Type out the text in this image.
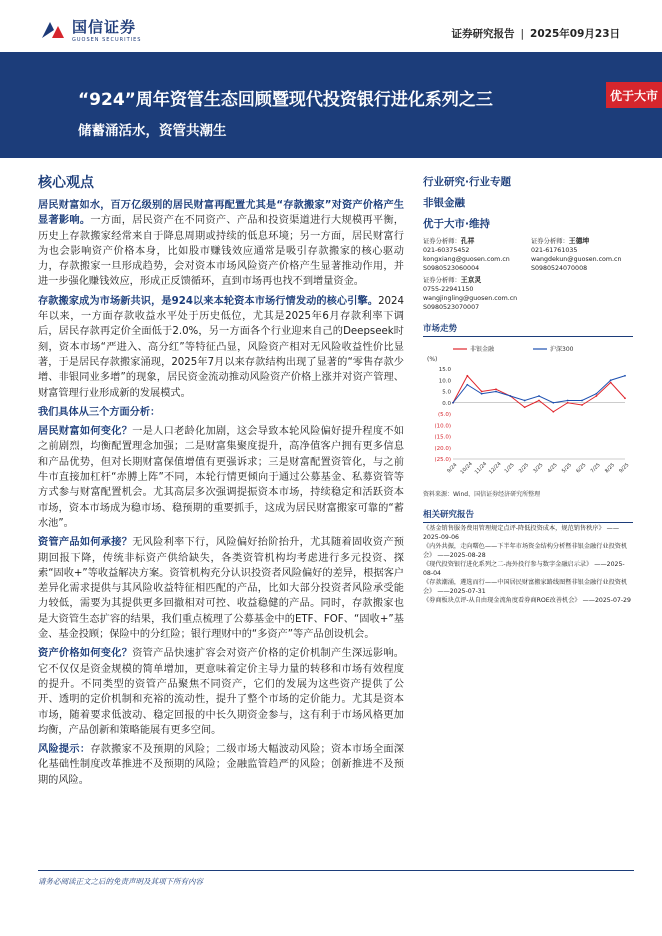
国信证券
GUOSEN SECURITIES	证券研究报告 | 2025年09月23日
“924”周年资管生态回顾暨现代投资银行进化系列之三
储蓄涌活水，资管共潮生
优于大市
核心观点

居民财富如水，百万亿级别的居民财富再配置尤其是“存款搬家”对资产价格产生显著影响。一方面，居民资产在不同资产、产品和投资渠道进行大规模再平衡，历史上存款搬家经常来自于降息周期或持续的低息环境；另一方面，居民财富行为也会影响资产价格本身，比如股市赚钱效应通常是吸引存款搬家的核心驱动力，存款搬家一旦形成趋势，会对资本市场风险资产价格产生显著推动作用，并进一步强化赚钱效应，形成正反馈循环，直到市场再也找不到增量资金。

存款搬家成为市场新共识，是924以来本轮资本市场行情发动的核心引擎。2024年以来，一方面存款收益水平处于历史低位，尤其是2025年6月存款利率下调后，居民存款再定价全面低于2.0%，另一方面各个行业迎来自己的Deepseek时刻，资本市场“严进入、高分红”等特征凸显，风险资产相对无风险收益性价比显著，于是居民存款搬家涌现，2025年7月以来存款结构出现了显著的“零售存款少增、非银同业多增”的现象，居民资金流动推动风险资产价格上涨并对资产管理、财富管理行业形成新的发展模式。

我们具体从三个方面分析：

居民财富如何变化？一是人口老龄化加剧，这会导致本轮风险偏好提升程度不如之前剧烈，均衡配置理念加强；二是财富集聚度提升，高净值客户拥有更多信息和产品优势，但对长期财富保值增值有更强诉求；三是财富配置资管化，与之前牛市直接加杠杆“赤膊上阵”不同，本轮行情更倾向于通过公募基金、私募资管等方式参与财富配置机会。尤其高层多次强调提振资本市场，持续稳定和活跃资本市场，资本市场成为稳市场、稳预期的重要抓手，这成为居民财富搬家可靠的“蓄水池”。

资管产品如何承接？无风险利率下行，风险偏好抬阶抬升，尤其随着固收资产预期回报下降，传统非标资产供给缺失，各类资管机构均考虑进行多元投资、探索“固收+”等收益解决方案。资管机构充分认识投资者风险偏好的差异，根据客户差异化需求提供与其风险收益特征相匹配的产品，比如大部分投资者风险承受能力较低，需要为其提供更多回撤相对可控、收益稳健的产品。同时，存款搬家也是大资管生态扩容的结果，我们重点梳理了公募基金中的ETF、FOF、“固收+”基金、基金投顾；保险中的分红险；银行理财中的“多资产”等产品创设机会。

资产价格如何变化？资管产品快速扩容会对资产价格的定价机制产生深远影响。它不仅仅是资金规模的简单增加，更意味着定价主导力量的转移和市场有效程度的提升。不同类型的资管产品聚焦不同资产，它们的发展为这些资产提供了公开、透明的定价机制和充裕的流动性，提升了整个市场的定价能力。尤其是资本市场，随着要求低波动、稳定回报的中长久期资金参与，这有利于市场风格更加均衡，产品创新和策略能展有更多空间。

风险提示：存款搬家不及预期的风险；二级市场大幅波动风险；资本市场全面深化基础性制度改革推进不及预期的风险；金融监管趋严的风险；创新推进不及预期的风险。

行业研究·行业专题
非银金融
优于大市·维持
证券分析师：孔祥
021-60375452
kongxiang@guosen.com.cn
S0980523060004
证券分析师：王德坤
021-61761035
wangdekun@guosen.com.cn
S0980524070008
证券分析师：王京灵
0755-22941150
wangjingling@guosen.com.cn
S0980523070007
市场走势
非银金融	沪深300
(%)
15.0
10.0
5.0
0.0
(5.0)
(10.0)
(15.0)
(20.0)
(25.0)
9/24 10/24 11/24 12/24 1/25 2/25 3/25 4/25 5/25 6/25 7/25 8/25 9/25
资料来源：Wind、国信证券经济研究所整理
相关研究报告
《基金销售服务费用管理规定点评-降低投资成本，规范销售秩序》 ——2025-09-06
《内外共振，走向曙色——下半年市场资金结构分析暨非银金融行业投资机会》 ——2025-08-28
《现代投资银行进化系列之二-海外投行参与数字金融启示录》 ——2025-08-04
《存款潮涌，遴选而行——中国居民财富搬家路线图暨非银金融行业投资机会》 ——2025-07-31
《券商板块点评-从自由现金流角度看券商ROE改善机会》 ——2025-07-29
请务必阅读正文之后的免责声明及其项下所有内容
